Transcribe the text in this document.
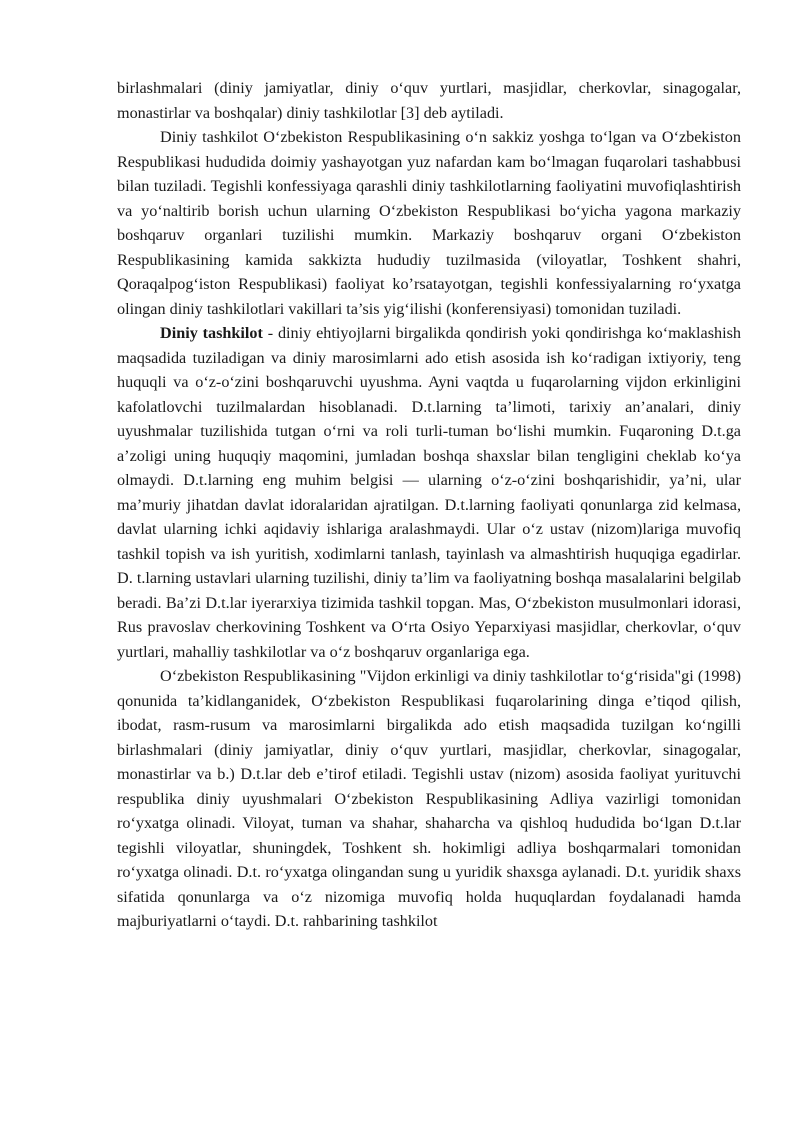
birlashmalari (diniy jamiyatlar, diniy o‘quv yurtlari, masjidlar, cherkovlar, sinagogalar, monastirlar va boshqalar) diniy tashkilotlar [3] deb aytiladi.

Diniy tashkilot O‘zbekiston Respublikasining o‘n sakkiz yoshga to‘lgan va O‘zbekiston Respublikasi hududida doimiy yashayotgan yuz nafardan kam bo‘lmagan fuqarolari tashabbusi bilan tuziladi. Tegishli konfessiyaga qarashli diniy tashkilotlarning faoliyatini muvofiqlashtirish va yo‘naltirib borish uchun ularning O‘zbekiston Respublikasi bo‘yicha yagona markaziy boshqaruv organlari tuzilishi mumkin. Markaziy boshqaruv organi O‘zbekiston Respublikasining kamida sakkizta hududiy tuzilmasida (viloyatlar, Toshkent shahri, Qoraqalpog‘iston Respublikasi) faoliyat ko’rsatayotgan, tegishli konfessiyalarning ro‘yxatga olingan diniy tashkilotlari vakillari ta’sis yig‘ilishi (konferensiyasi) tomonidan tuziladi.

Diniy tashkilot - diniy ehtiyojlarni birgalikda qondirish yoki qondirishga ko‘maklashish maqsadida tuziladigan va diniy marosimlarni ado etish asosida ish ko‘radigan ixtiyoriy, teng huquqli va o‘z-o‘zini boshqaruvchi uyushma. Ayni vaqtda u fuqarolarning vijdon erkinligini kafolatlovchi tuzilmalardan hisoblanadi. D.t.larning ta’limoti, tarixiy an’analari, diniy uyushmalar tuzilishida tutgan o‘rni va roli turli-tuman bo‘lishi mumkin. Fuqaroning D.t.ga a’zoligi uning huquqiy maqomini, jumladan boshqa shaxslar bilan tengligini cheklab ko‘ya olmaydi. D.t.larning eng muhim belgisi — ularning o‘z-o‘zini boshqarishidir, ya’ni, ular ma’muriy jihatdan davlat idoralaridan ajratilgan. D.t.larning faoliyati qonunlarga zid kelmasa, davlat ularning ichki aqidaviy ishlariga aralashmaydi. Ular o‘z ustav (nizom)lariga muvofiq tashkil topish va ish yuritish, xodimlarni tanlash, tayinlash va almashtirish huquqiga egadirlar. D. t.larning ustavlari ularning tuzilishi, diniy ta’lim va faoliyatning boshqa masalalarini belgilab beradi. Ba’zi D.t.lar iyerarxiya tizimida tashkil topgan. Mas, O‘zbekiston musulmonlari idorasi, Rus pravoslav cherkovining Toshkent va O‘rta Osiyo Yeparxiyasi masjidlar, cherkovlar, o‘quv yurtlari, mahalliy tashkilotlar va o‘z boshqaruv organlariga ega.

O‘zbekiston Respublikasining "Vijdon erkinligi va diniy tashkilotlar to‘g‘risida"gi (1998) qonunida ta’kidlanganidek, O‘zbekiston Respublikasi fuqarolarining dinga e’tiqod qilish, ibodat, rasm-rusum va marosimlarni birgalikda ado etish maqsadida tuzilgan ko‘ngilli birlashmalari (diniy jamiyatlar, diniy o‘quv yurtlari, masjidlar, cherkovlar, sinagogalar, monastirlar va b.) D.t.lar deb e’tirof etiladi. Tegishli ustav (nizom) asosida faoliyat yurituvchi respublika diniy uyushmalari O‘zbekiston Respublikasining Adliya vazirligi tomonidan ro‘yxatga olinadi. Viloyat, tuman va shahar, shaharcha va qishloq hududida bo‘lgan D.t.lar tegishli viloyatlar, shuningdek, Toshkent sh. hokimligi adliya boshqarmalari tomonidan ro‘yxatga olinadi. D.t. ro‘yxatga olingandan sung u yuridik shaxsga aylanadi. D.t. yuridik shaxs sifatida qonunlarga va o‘z nizomiga muvofiq holda huquqlardan foydalanadi hamda majburiyatlarni o‘taydi. D.t. rahbarining tashkilot
